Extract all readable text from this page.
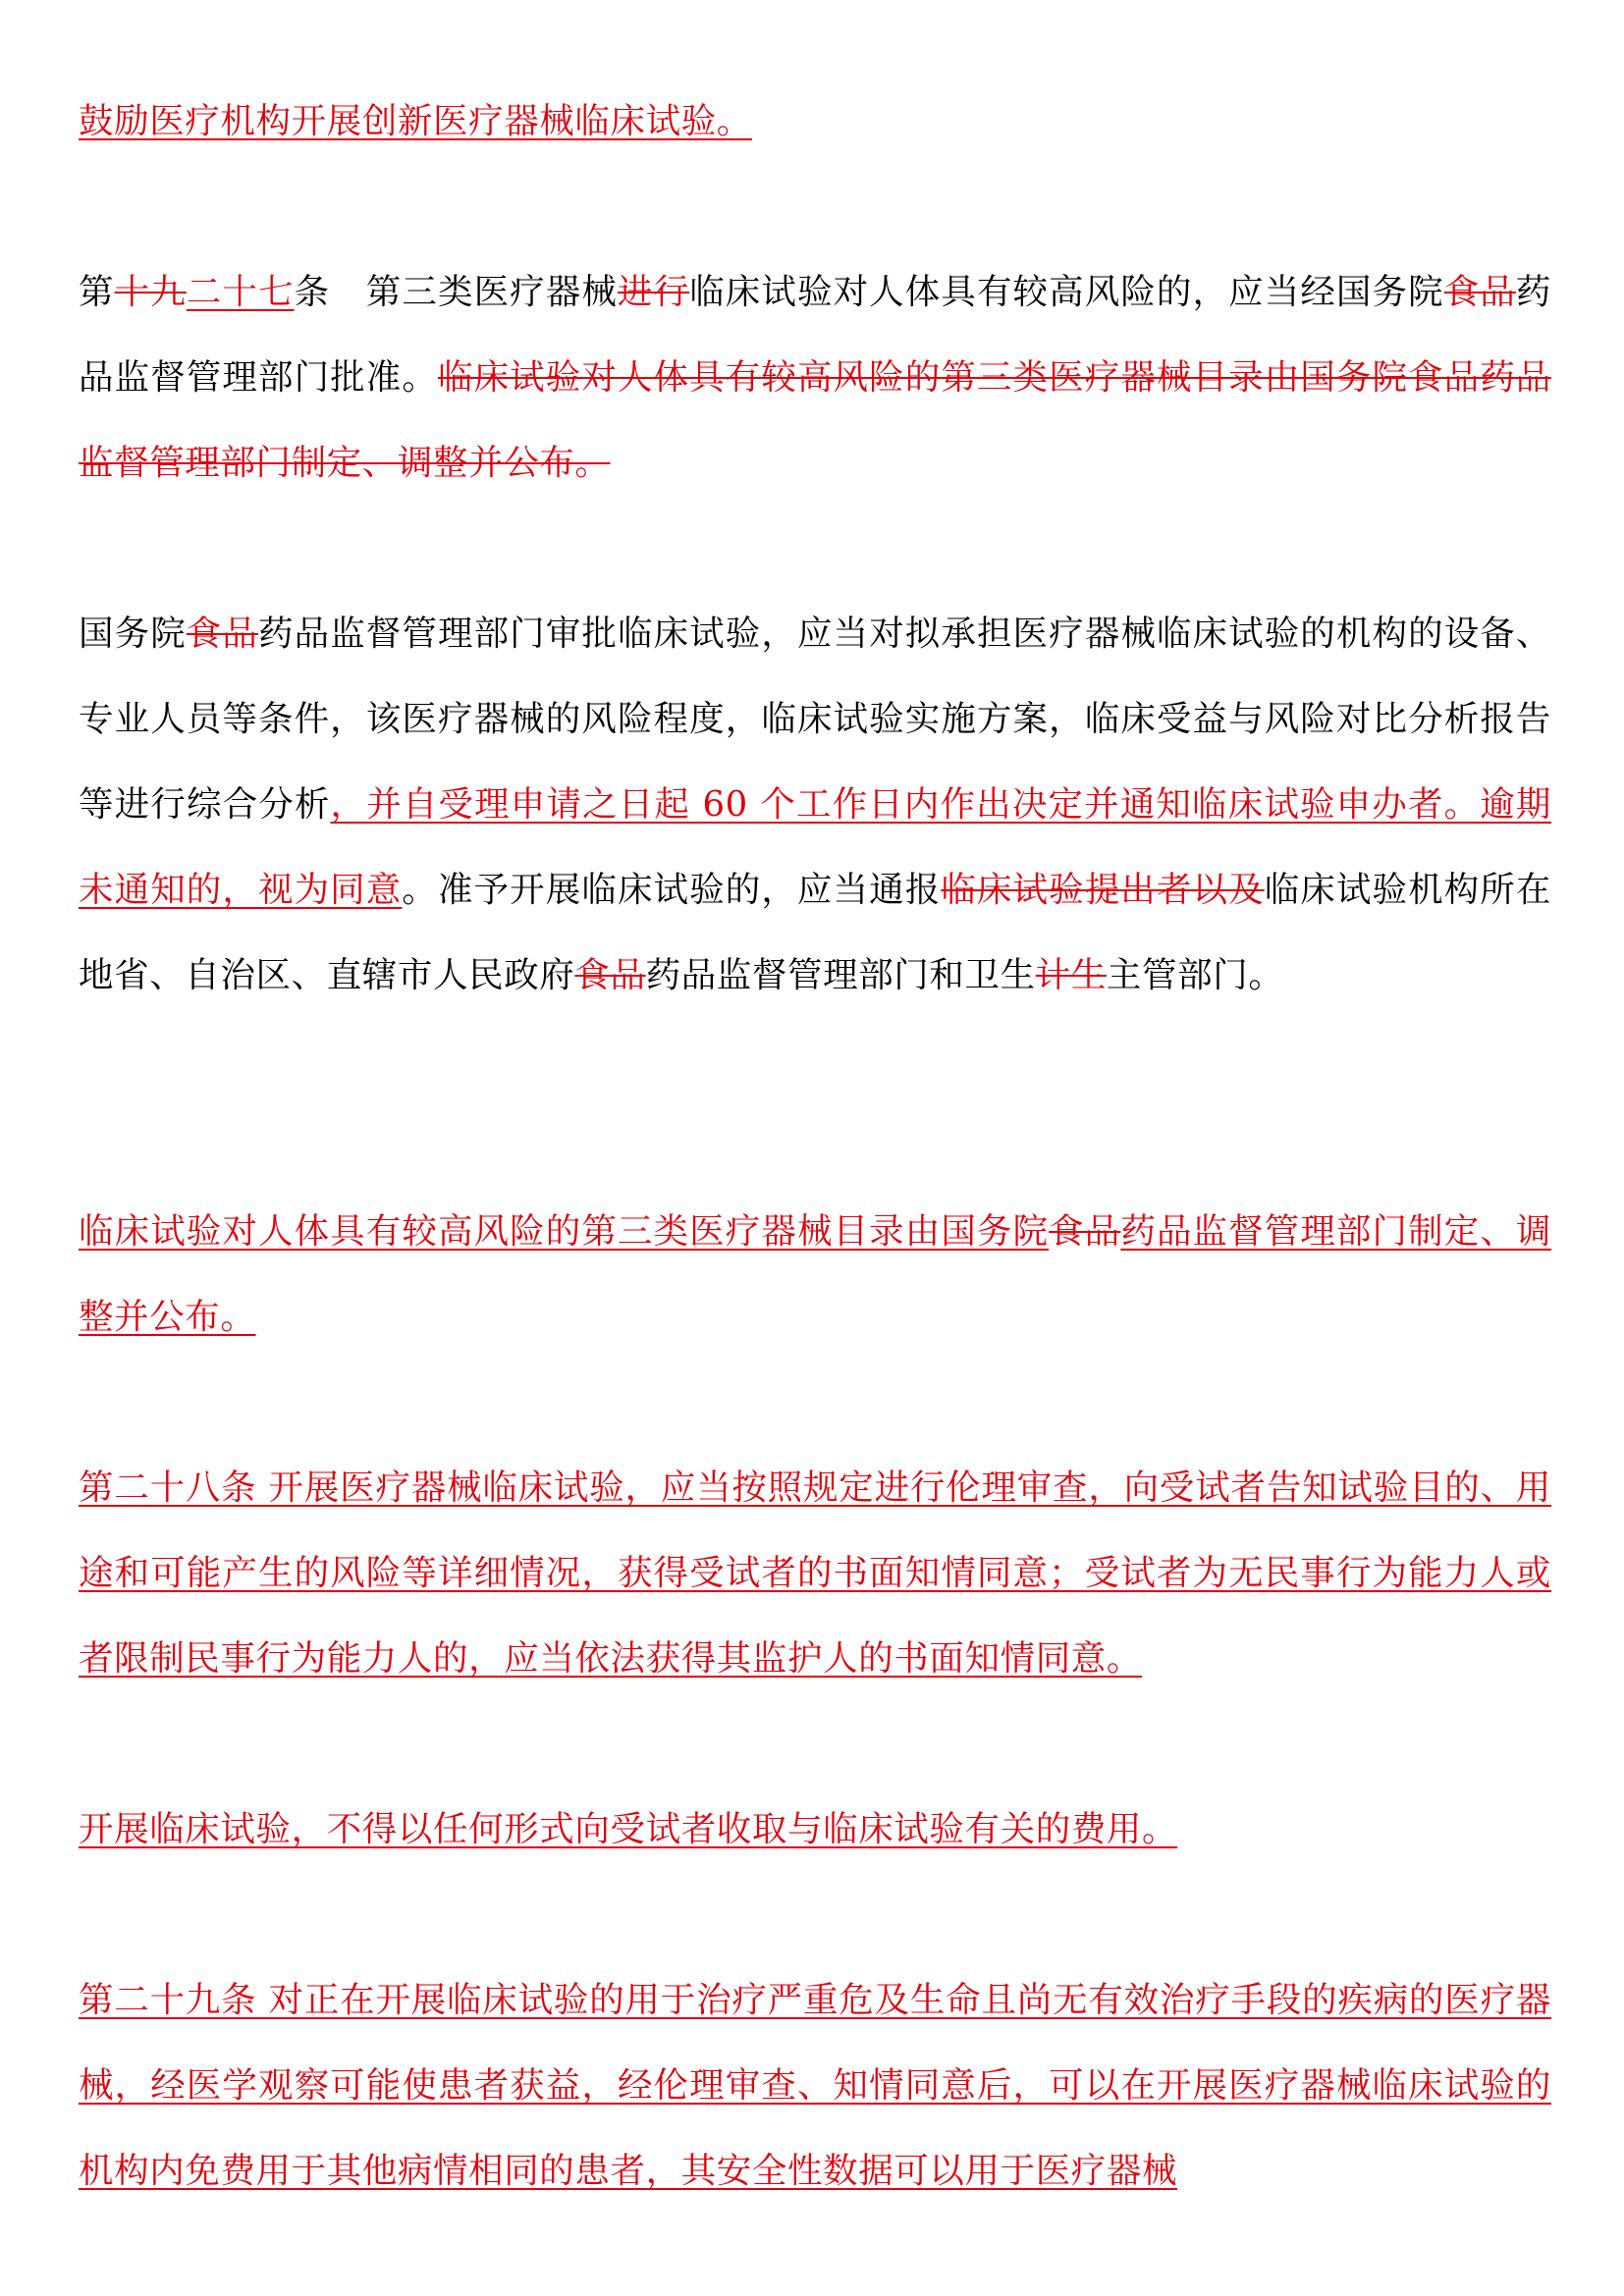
鼓励医疗机构开展创新医疗器械临床试验。

第十九二十七条　第三类医疗器械进行临床试验对人体具有较高风险的，应当经国务院食品药品监督管理部门批准。临床试验对人体具有较高风险的第三类医疗器械目录由国务院食品药品监督管理部门制定、调整并公布。

国务院食品药品监督管理部门审批临床试验，应当对拟承担医疗器械临床试验的机构的设备、专业人员等条件，该医疗器械的风险程度，临床试验实施方案，临床受益与风险对比分析报告等进行综合分析，并自受理申请之日起 60 个工作日内作出决定并通知临床试验申办者。逾期未通知的，视为同意。准予开展临床试验的，应当通报临床试验提出者以及临床试验机构所在地省、自治区、直辖市人民政府食品药品监督管理部门和卫生计生主管部门。

临床试验对人体具有较高风险的第三类医疗器械目录由国务院食品药品监督管理部门制定、调整并公布。

第二十八条 开展医疗器械临床试验，应当按照规定进行伦理审查，向受试者告知试验目的、用途和可能产生的风险等详细情况，获得受试者的书面知情同意；受试者为无民事行为能力人或者限制民事行为能力人的，应当依法获得其监护人的书面知情同意。

开展临床试验，不得以任何形式向受试者收取与临床试验有关的费用。

第二十九条 对正在开展临床试验的用于治疗严重危及生命且尚无有效治疗手段的疾病的医疗器械，经医学观察可能使患者获益，经伦理审查、知情同意后，可以在开展医疗器械临床试验的机构内免费用于其他病情相同的患者，其安全性数据可以用于医疗器械
